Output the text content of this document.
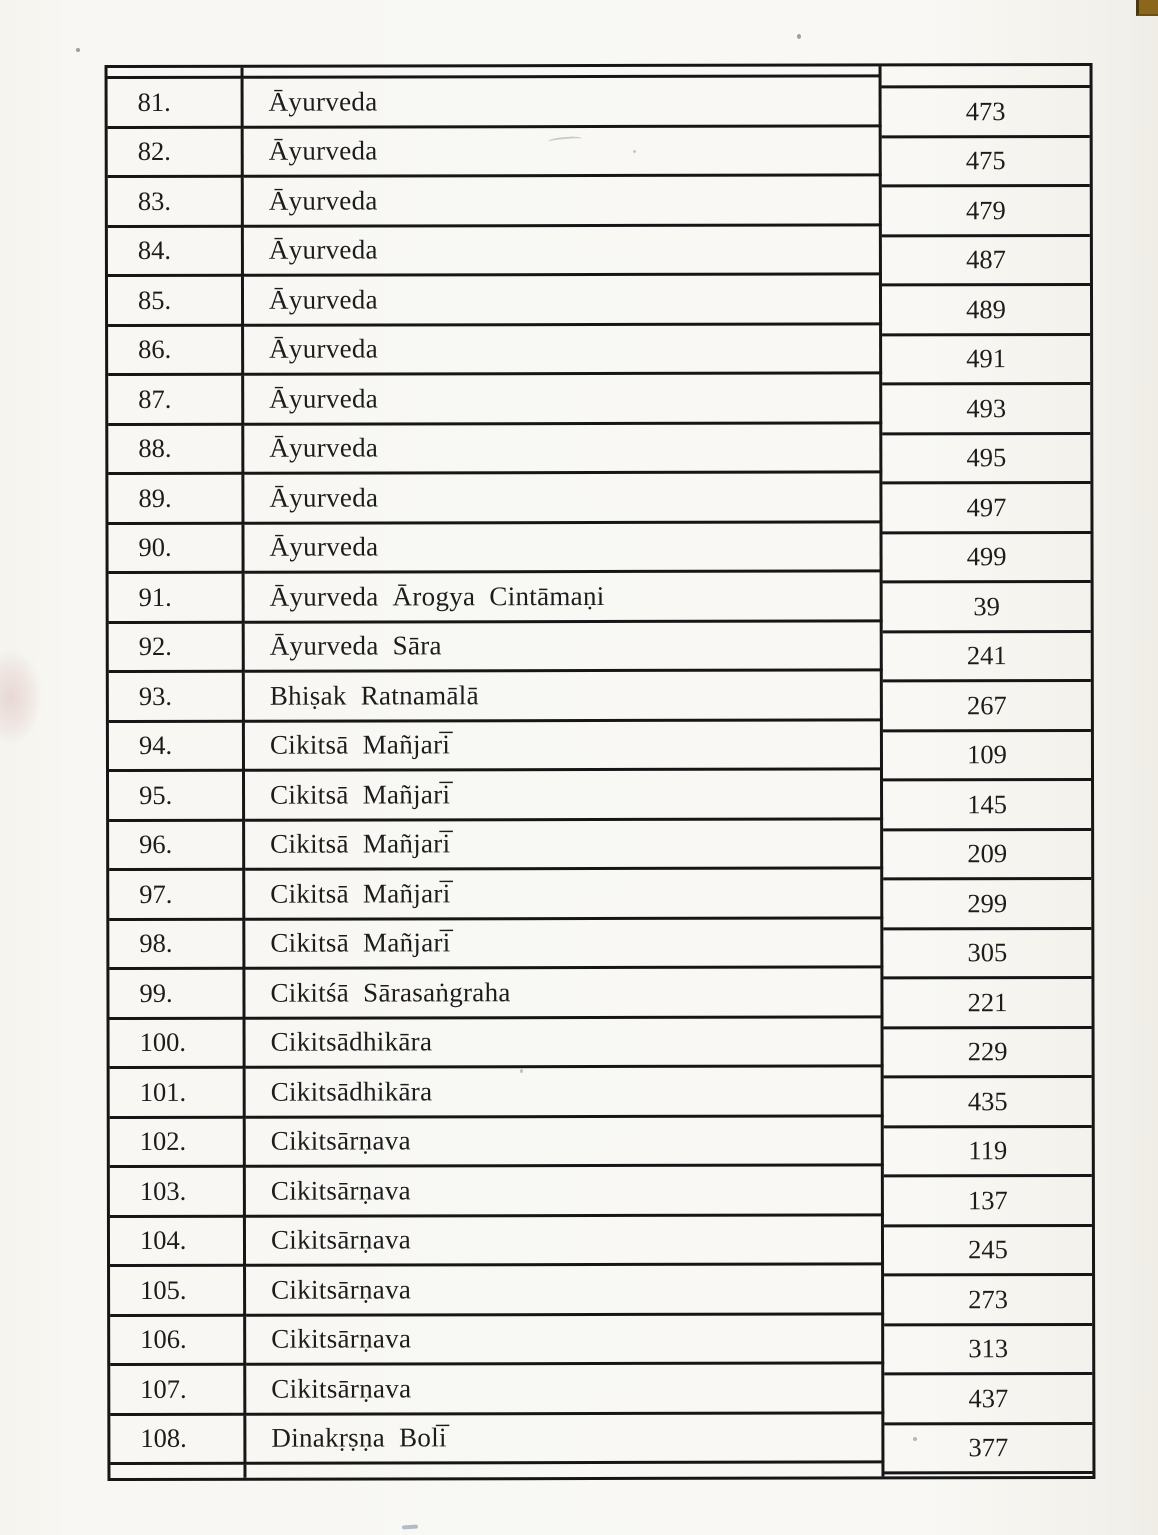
81.	Āyurveda	473
82.	Āyurveda	475
83.	Āyurveda	479
84.	Āyurveda	487
85.	Āyurveda	489
86.	Āyurveda	491
87.	Āyurveda	493
88.	Āyurveda	495
89.	Āyurveda	497
90.	Āyurveda	499
91.	Āyurveda Ārogya Cintāmaṇi	39
92.	Āyurveda Sāra	241
93.	Bhiṣak Ratnamālā	267
94.	Cikitsā Mañjari̅	109
95.	Cikitsā Mañjari̅	145
96.	Cikitsā Mañjari̅	209
97.	Cikitsā Mañjari̅	299
98.	Cikitsā Mañjari̅	305
99.	Cikitśā Sārasaṅgraha	221
100.	Cikitsādhikāra	229
101.	Cikitsādhikāra	435
102.	Cikitsārṇava	119
103.	Cikitsārṇava	137
104.	Cikitsārṇava	245
105.	Cikitsārṇava	273
106.	Cikitsārṇava	313
107.	Cikitsārṇava	437
108.	Dinakṛṣṇa Boli̅	377
